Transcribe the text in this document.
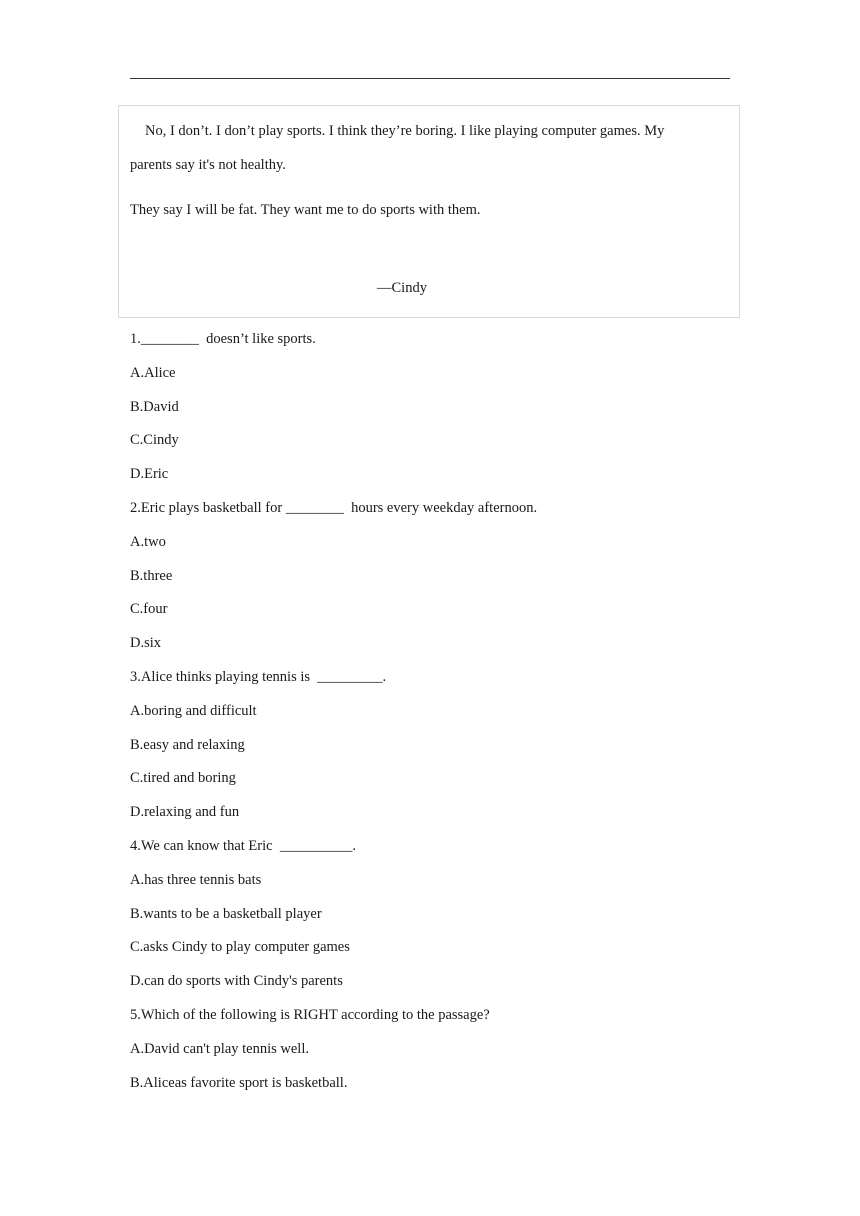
No, I don’t. I don’t play sports. I think they’re boring. I like playing computer games. My
parents say it's not healthy.
They say I will be fat. They want me to do sports with them.
—Cindy
1.________  doesn’t like sports.
A.Alice
B.David
C.Cindy
D.Eric
2.Eric plays basketball for ________  hours every weekday afternoon.
A.two
B.three
C.four
D.six
3.Alice thinks playing tennis is  _________.
A.boring and difficult
B.easy and relaxing
C.tired and boring
D.relaxing and fun
4.We can know that Eric  __________.
A.has three tennis bats
B.wants to be a basketball player
C.asks Cindy to play computer games
D.can do sports with Cindy's parents
5.Which of the following is RIGHT according to the passage?
A.David can't play tennis well.
B.Aliceas favorite sport is basketball.
